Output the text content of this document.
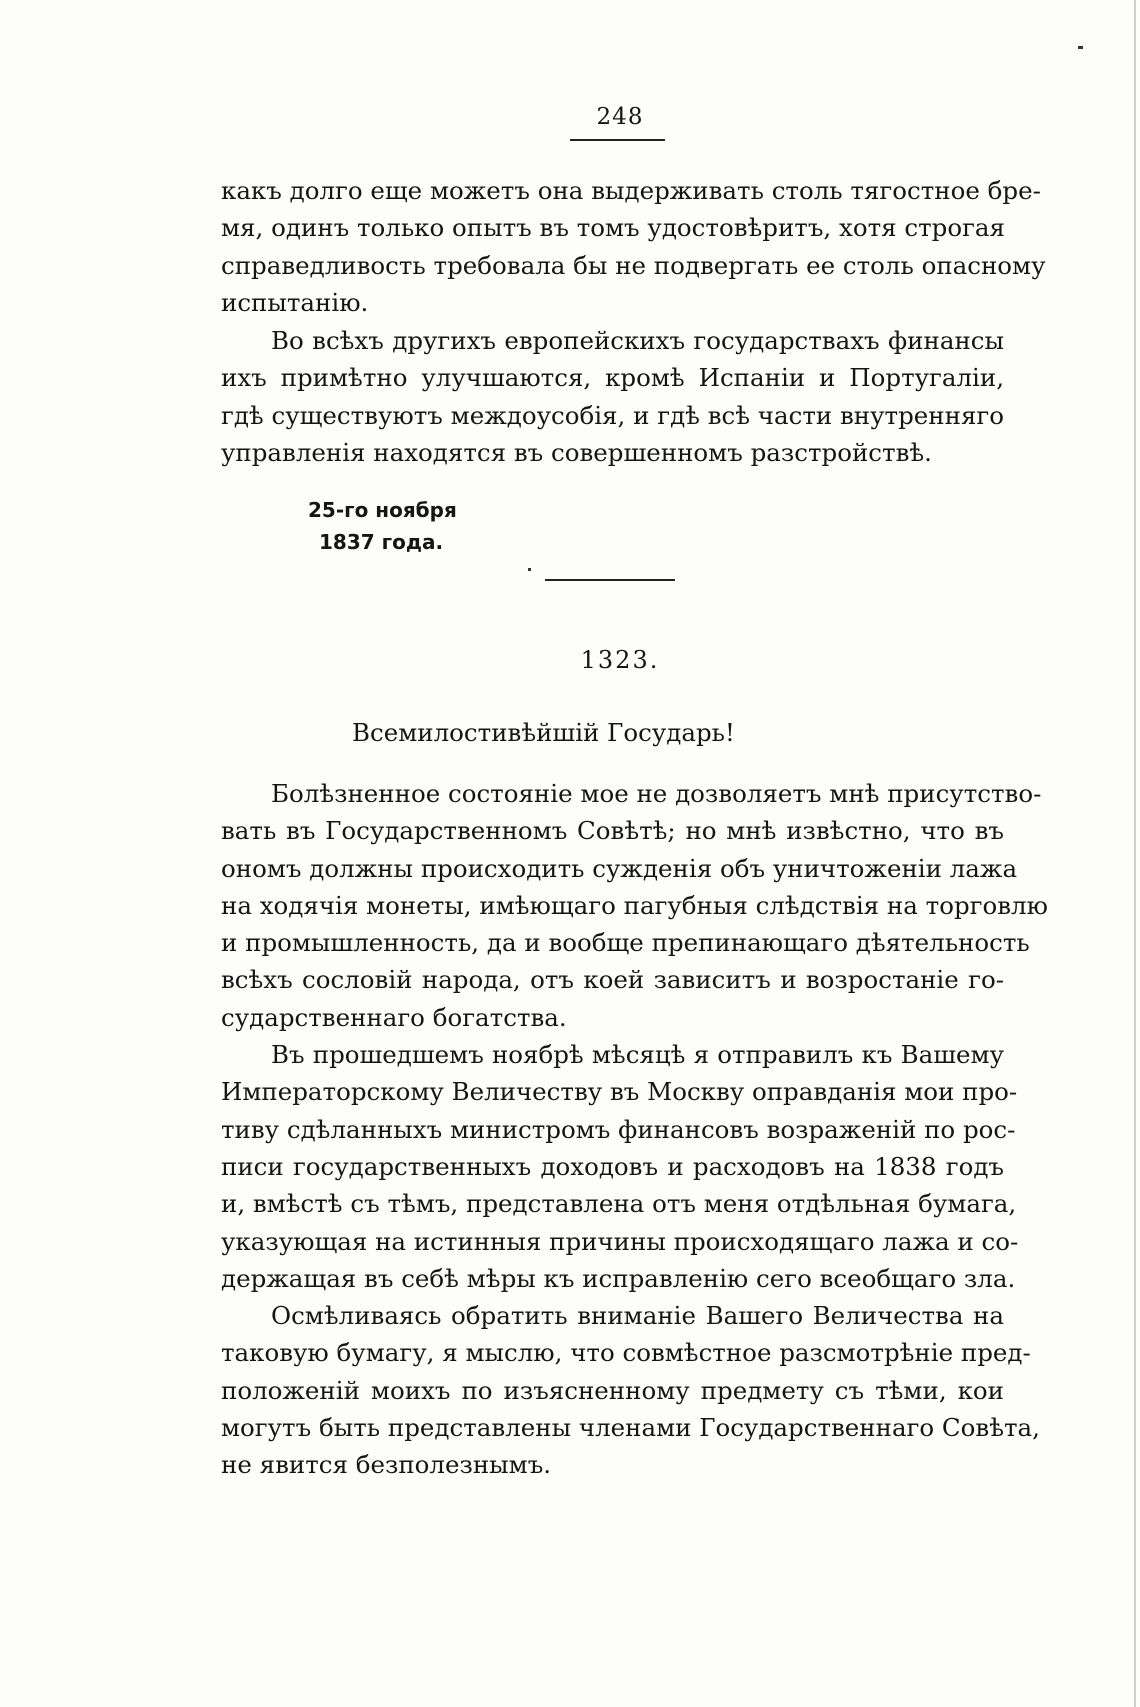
248
какъ долго еще можетъ она выдерживать столь тягостное бре-
мя, одинъ только опытъ въ томъ удостовѣритъ, хотя строгая
справедливость требовала бы не подвергать ее столь опасному
испытанію.
Во всѣхъ другихъ европейскихъ государствахъ финансы
ихъ примѣтно улучшаются, кромѣ Испаніи и Португаліи,
гдѣ существуютъ междоусобія, и гдѣ всѣ части внутренняго
управленія находятся въ совершенномъ разстройствѣ.
25-го ноября
1837 года.
1323.
Всемилостивѣйшій Государь!
Болѣзненное состояніе мое не дозволяетъ мнѣ присутство-
вать въ Государственномъ Совѣтѣ; но мнѣ извѣстно, что въ
ономъ должны происходить сужденія объ уничтоженіи лажа
на ходячія монеты, имѣющаго пагубныя слѣдствія на торговлю
и промышленность, да и вообще препинающаго дѣятельность
всѣхъ сословій народа, отъ коей зависитъ и возростаніе го-
сударственнаго богатства.
Въ прошедшемъ ноябрѣ мѣсяцѣ я отправилъ къ Вашему
Императорскому Величеству въ Москву оправданія мои про-
тиву сдѣланныхъ министромъ финансовъ возраженій по рос-
писи государственныхъ доходовъ и расходовъ на 1838 годъ
и, вмѣстѣ съ тѣмъ, представлена отъ меня отдѣльная бумага,
указующая на истинныя причины происходящаго лажа и со-
держащая въ себѣ мѣры къ исправленію сего всеобщаго зла.
Осмѣливаясь обратить вниманіе Вашего Величества на
таковую бумагу, я мыслю, что совмѣстное разсмотрѣніе пред-
положеній моихъ по изъясненному предмету съ тѣми, кои
могутъ быть представлены членами Государственнаго Совѣта,
не явится безполезнымъ.
